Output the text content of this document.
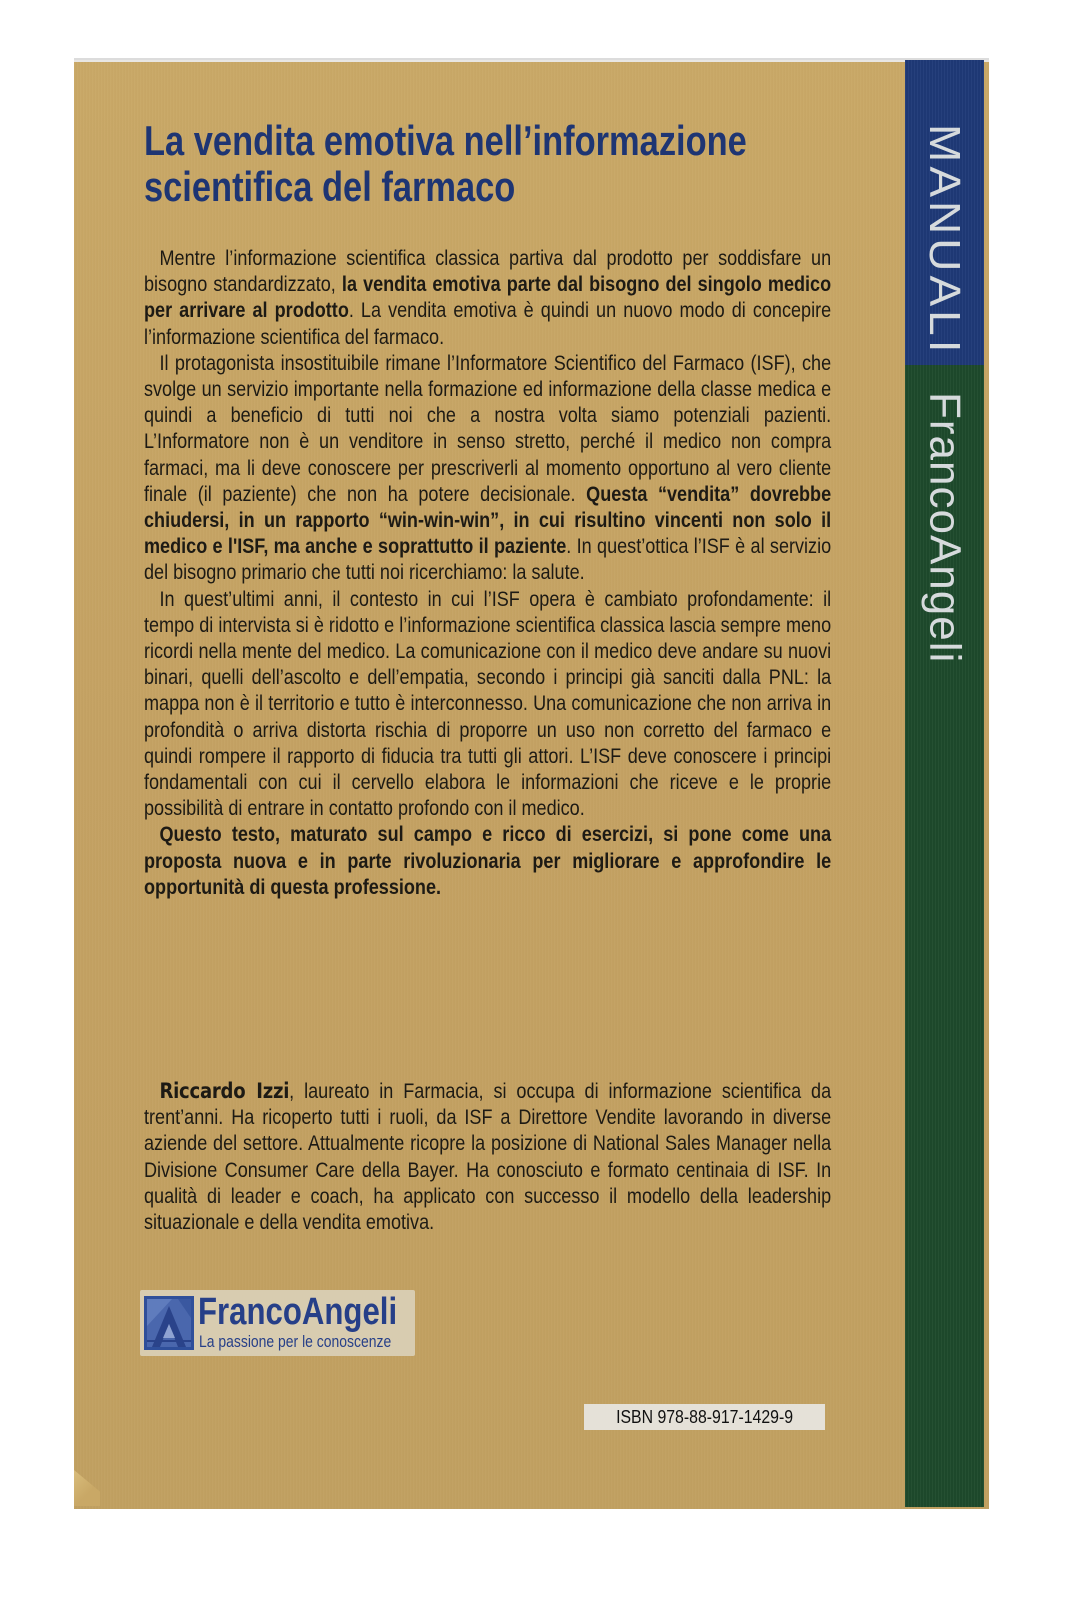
MANUALI
FrancoAngeli
La vendita emotiva nell’informazione
scientifica del farmaco

Mentre l’informazione scientifica classica partiva dal prodotto per soddisfare un bisogno standardizzato, la vendita emotiva parte dal bisogno del singolo medico per arrivare al prodotto. La vendita emotiva è quindi un nuovo modo di concepire l’informazione scientifica del farmaco.

Il protagonista insostituibile rimane l’Informatore Scientifico del Farmaco (ISF), che svolge un servizio importante nella formazione ed informazione della classe medica e quindi a beneficio di tutti noi che a nostra volta siamo potenziali pazienti. L’Informatore non è un venditore in senso stretto, perché il medico non compra farmaci, ma li deve conoscere per prescriverli al momento opportuno al vero cliente finale (il paziente) che non ha potere decisionale. Questa “vendita” dovrebbe chiudersi, in un rapporto “win-win-win”, in cui risultino vincenti non solo il medico e l'ISF, ma anche e soprattutto il paziente. In quest’ottica l’ISF è al servizio del bisogno primario che tutti noi ricerchiamo: la salute.

In quest’ultimi anni, il contesto in cui l’ISF opera è cambiato profondamente: il tempo di intervista si è ridotto e l’informazione scientifica classica lascia sempre meno ricordi nella mente del medico. La comunicazione con il medico deve andare su nuovi binari, quelli dell’ascolto e dell’empatia, secondo i principi già sanciti dalla PNL: la mappa non è il territorio e tutto è interconnesso. Una comunicazione che non arriva in profondità o arriva distorta rischia di proporre un uso non corretto del farmaco e quindi rompere il rapporto di fiducia tra tutti gli attori. L’ISF deve conoscere i principi fondamentali con cui il cervello elabora le informazioni che riceve e le proprie possibilità di entrare in contatto profondo con il medico.

Questo testo, maturato sul campo e ricco di esercizi, si pone come una proposta nuova e in parte rivoluzionaria per migliorare e approfondire le opportunità di questa professione.

Riccardo Izzi, laureato in Farmacia, si occupa di informazione scientifica da trent’anni. Ha ricoperto tutti i ruoli, da ISF a Direttore Vendite lavorando in diverse aziende del settore. Attualmente ricopre la posizione di National Sales Manager nella Divisione Consumer Care della Bayer. Ha conosciuto e formato centinaia di ISF. In qualità di leader e coach, ha applicato con successo il modello della leadership situazionale e della vendita emotiva.

FrancoAngeli
La passione per le conoscenze
ISBN 978-88-917-1429-9
